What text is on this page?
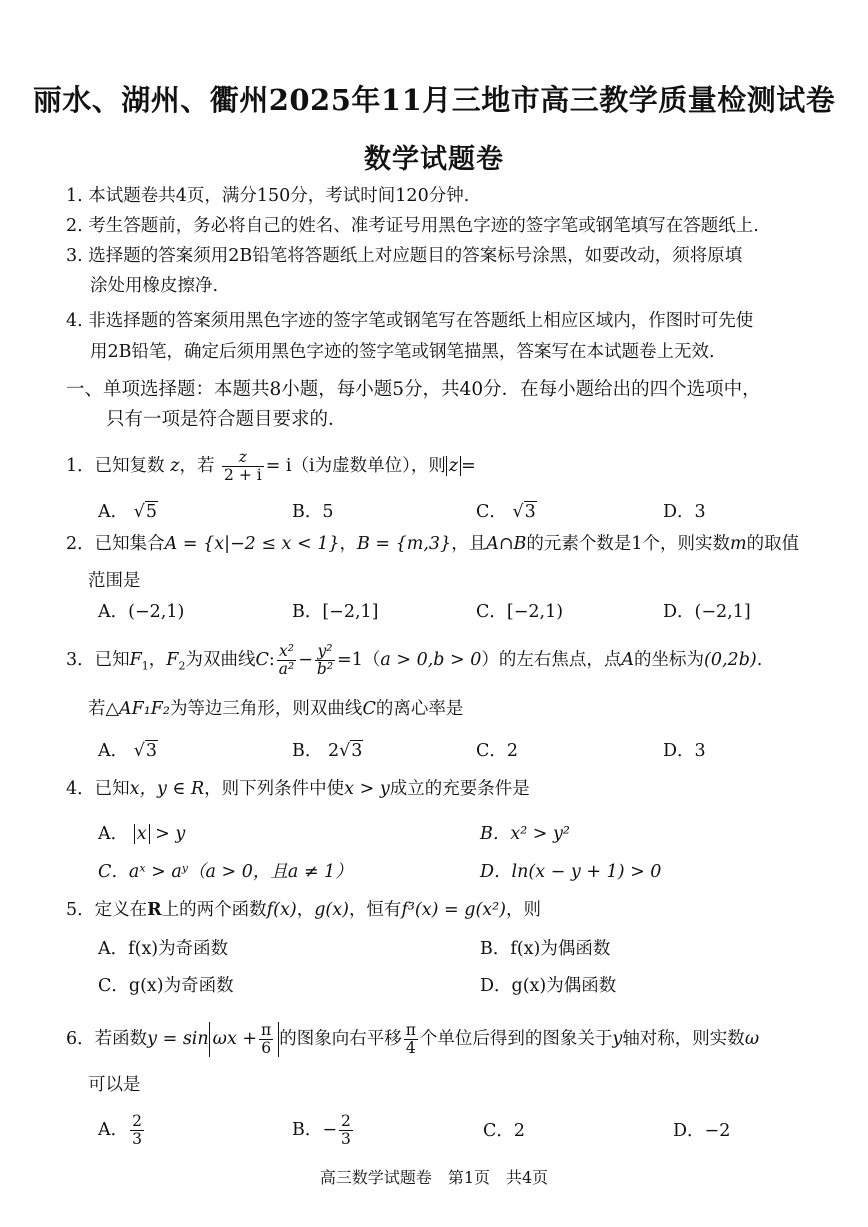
丽水、湖州、衢州2025年11月三地市高三教学质量检测试卷
数学试题卷
1. 本试题卷共4页，满分150分，考试时间120分钟.
2. 考生答题前，务必将自己的姓名、准考证号用黑色字迹的签字笔或钢笔填写在答题纸上.
3. 选择题的答案须用2B铅笔将答题纸上对应题目的答案标号涂黑，如要改动，须将原填
涂处用橡皮擦净.
4. 非选择题的答案须用黑色字迹的签字笔或钢笔写在答题纸上相应区域内，作图时可先使
用2B铅笔，确定后须用黑色字迹的签字笔或钢笔描黑，答案写在本试题卷上无效.
一、单项选择题：本题共8小题，每小题5分，共40分．在每小题给出的四个选项中，
只有一项是符合题目要求的．
1．已知复数 z，若 $\frac{z}{2 + i} = i(i$为虚数单位），则 z =
A． √5	B．5	C． √3	D．3
2．已知集合A = {x|−2 ≤ x < 1}，B = {m,3}，且A∩B的元素个数是1个，则实数m的取值
范围是
A．(−2,1)	B．[−2,1]	C．[−2,1)	D．(−2,1]
3．已知$F_1$，$F_2$为双曲线C: $\frac{\text{x²}}{\text{a²}} - \frac{\text{y²}}{\text{b²}} =1(a > 0,b > 0)$的左右焦点，点A的坐标为(0,2b).
若△AF₁F₂为等边三角形，则双曲线C的离心率是
A． √3	B． 2√3	C．2	D．3
4．已知x，y ∈ R，则下列条件中使x > y成立的充要条件是
A． x > y	B．x² > y²
C．aˣ > aʸ（a > 0，且a ≠ 1）	D．ln(x − y + 1) > 0
5．定义在R上的两个函数f(x)，g(x)，恒有f³(x) = g(x²)，则
A．f(x)为奇函数	B．f(x)为偶函数
C．g(x)为奇函数	D．g(x)为偶函数
6．若函数$y = \sin \omega x + \frac{\pi}{6}$ 的图象向右平移 $\frac{\pi}{4}$ 个单位后得到的图象关于y轴对称，则实数ω
可以是
A． $\frac{2}{3}$	B．− $\frac{2}{3}$	C．2	D．−2
高三数学试题卷　第1页　共4页
